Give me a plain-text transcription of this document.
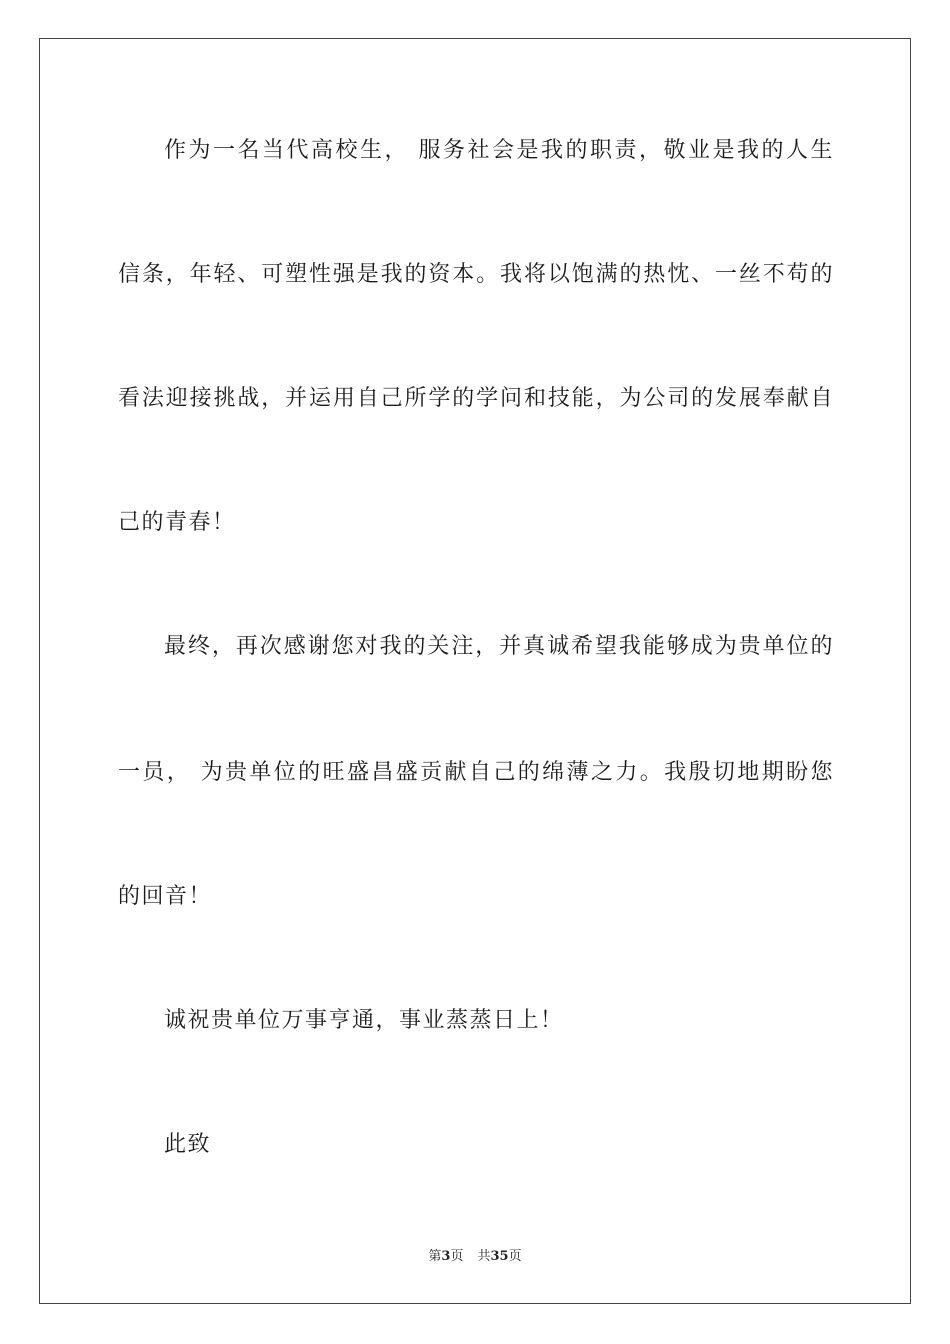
作为一名当代高校生， 服务社会是我的职责，敬业是我的人生
信条，年轻、可塑性强是我的资本。我将以饱满的热忱、一丝不苟的
看法迎接挑战，并运用自己所学的学问和技能，为公司的发展奉献自
己的青春！
最终，再次感谢您对我的关注，并真诚希望我能够成为贵单位的
一员， 为贵单位的旺盛昌盛贡献自己的绵薄之力。我殷切地期盼您
的回音！
诚祝贵单位万事亨通，事业蒸蒸日上！
此致
第3页 共35页
